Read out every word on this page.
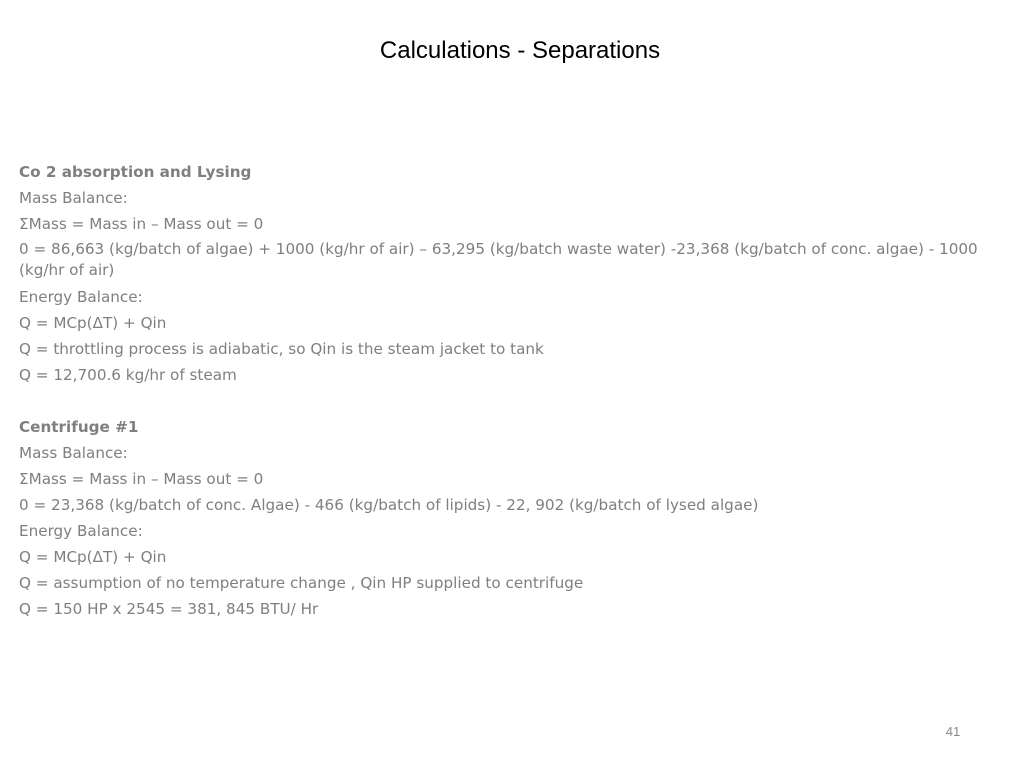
Calculations - Separations
Co 2 absorption and Lysing
Mass Balance:
ΣMass = Mass in – Mass out = 0
0 = 86,663 (kg/batch of algae) + 1000 (kg/hr of air) – 63,295 (kg/batch waste water) -23,368 (kg/batch of conc. algae) - 1000 (kg/hr of air)
Energy Balance:
Q = MCp(ΔT) + Qin
Q = throttling process is adiabatic, so Qin is the steam jacket to tank
Q = 12,700.6 kg/hr of steam
Centrifuge #1
Mass Balance:
ΣMass = Mass in – Mass out = 0
0 = 23,368 (kg/batch of conc. Algae) - 466 (kg/batch of lipids) - 22, 902 (kg/batch of lysed algae)
Energy Balance:
Q = MCp(ΔT) + Qin
Q = assumption of no temperature change , Qin HP supplied to centrifuge
Q = 150 HP x 2545 = 381, 845 BTU/ Hr
41
